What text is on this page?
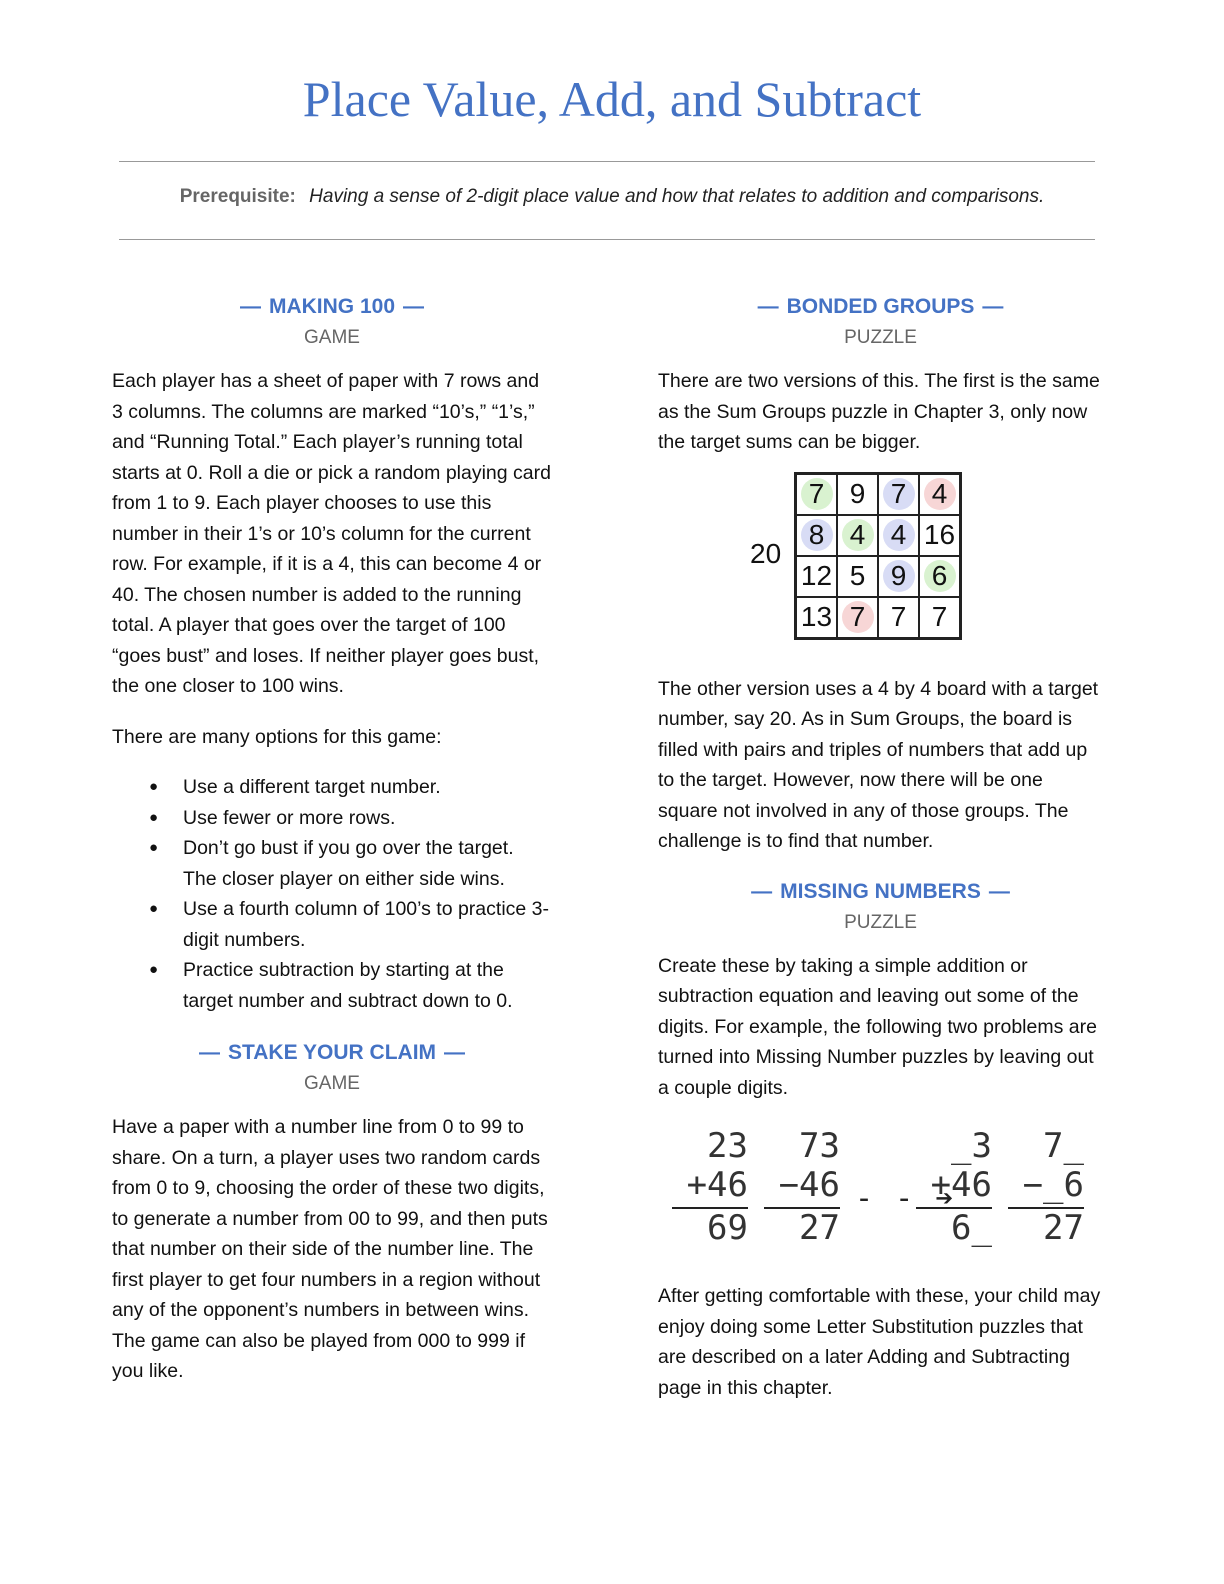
Place Value, Add, and Subtract
Prerequisite: Having a sense of 2-digit place value and how that relates to addition and comparisons.
— MAKING 100 —
GAME

Each player has a sheet of paper with 7 rows and 3 columns. The columns are marked “10’s,” “1’s,” and “Running Total.” Each player’s running total starts at 0. Roll a die or pick a random playing card from 1 to 9. Each player chooses to use this number in their 1’s or 10’s column for the current row. For example, if it is a 4, this can become 4 or 40. The chosen number is added to the running total. A player that goes over the target of 100 “goes bust” and loses. If neither player goes bust, the one closer to 100 wins.

There are many options for this game:

● Use a different target number.
● Use fewer or more rows.
● Don’t go bust if you go over the target. The closer player on either side wins.
● Use a fourth column of 100’s to practice 3-digit numbers.
● Practice subtraction by starting at the target number and subtract down to 0.
— STAKE YOUR CLAIM —
GAME

Have a paper with a number line from 0 to 99 to share. On a turn, a player uses two random cards from 0 to 9, choosing the order of these two digits, to generate a number from 00 to 99, and then puts that number on their side of the number line. The first player to get four numbers in a region without any of the opponent’s numbers in between wins. The game can also be played from 000 to 999 if you like.

— BONDED GROUPS —
PUZZLE

There are two versions of this. The first is the same as the Sum Groups puzzle in Chapter 3, only now the target sums can be bigger.

20
7 9 7 4
8 4 4 16
12 5 9 6
13 7 7 7

The other version uses a 4 by 4 board with a target number, say 20. As in Sum Groups, the board is filled with pairs and triples of numbers that add up to the target. However, now there will be one square not involved in any of those groups. The challenge is to find that number.

— MISSING NUMBERS —
PUZZLE

Create these by taking a simple addition or subtraction equation and leaving out some of the digits. For example, the following two problems are turned into Missing Number puzzles by leaving out a couple digits.

23
+46
69
73
−46
27
- - ➔
_3
+46
6_
7_
−_6
27

After getting comfortable with these, your child may enjoy doing some Letter Substitution puzzles that are described on a later Adding and Subtracting page in this chapter.
